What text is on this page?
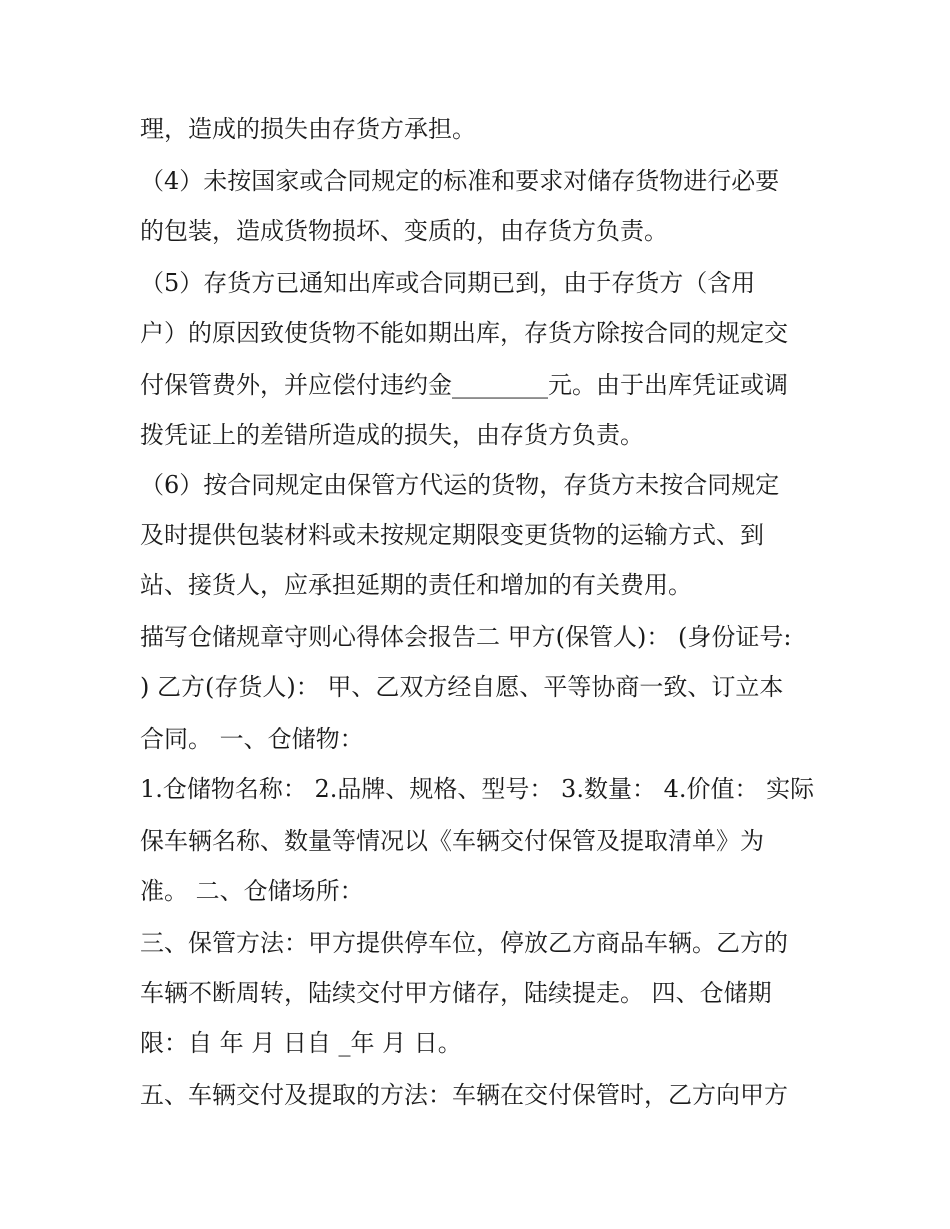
理，造成的损失由存货方承担。
（4）未按国家或合同规定的标准和要求对储存货物进行必要
的包装，造成货物损坏、变质的，由存货方负责。
（5）存货方已通知出库或合同期已到，由于存货方（含用
户）的原因致使货物不能如期出库，存货方除按合同的规定交
付保管费外，并应偿付违约金________元。由于出库凭证或调
拨凭证上的差错所造成的损失，由存货方负责。
（6）按合同规定由保管方代运的货物，存货方未按合同规定
及时提供包装材料或未按规定期限变更货物的运输方式、到
站、接货人，应承担延期的责任和增加的有关费用。
描写仓储规章守则心得体会报告二 甲方(保管人)： (身份证号:
) 乙方(存货人)： 甲、乙双方经自愿、平等协商一致、订立本
合同。 一、仓储物：
1.仓储物名称： 2.品牌、规格、型号： 3.数量： 4.价值： 实际
保车辆名称、数量等情况以《车辆交付保管及提取清单》为
准。 二、仓储场所：
三、保管方法：甲方提供停车位，停放乙方商品车辆。乙方的
车辆不断周转，陆续交付甲方储存，陆续提走。 四、仓储期
限：自 年 月 日自 _年 月 日。
五、车辆交付及提取的方法：车辆在交付保管时，乙方向甲方
